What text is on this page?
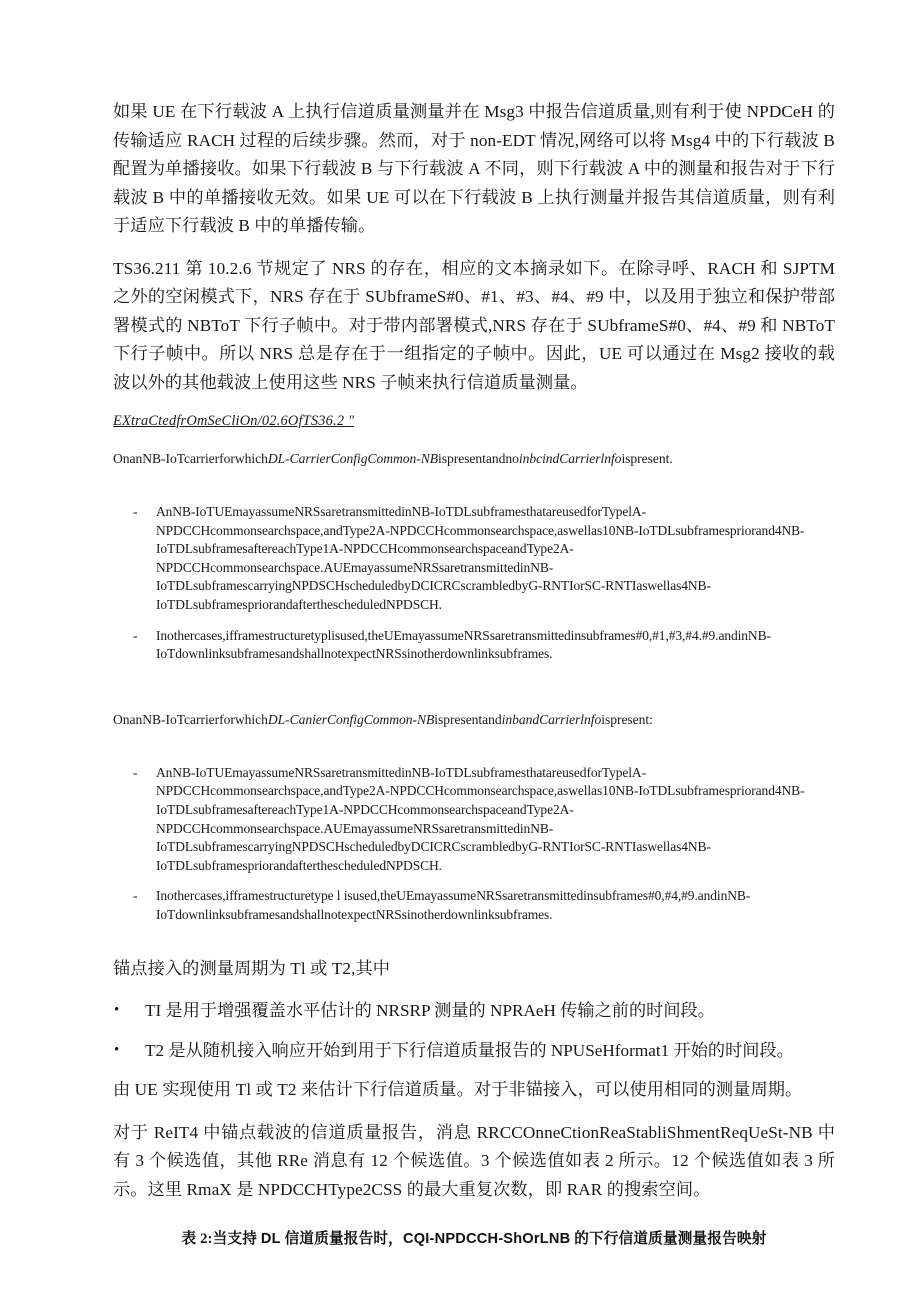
如果 UE 在下行载波 A 上执行信道质量测量并在 Msg3 中报告信道质量,则有利于使 NPDCeH 的传输适应 RACH 过程的后续步骤。然而，对于 non-EDT 情况,网络可以将 Msg4 中的下行载波 B 配置为单播接收。如果下行载波 B 与下行载波 A 不同，则下行载波 A 中的测量和报告对于下行载波 B 中的单播接收无效。如果 UE 可以在下行载波 B 上执行测量并报告其信道质量，则有利于适应下行载波 B 中的单播传输。

TS36.211 第 10.2.6 节规定了 NRS 的存在，相应的文本摘录如下。在除寻呼、RACH 和 SJPTM 之外的空闲模式下，NRS 存在于 SUbframeS#0、#1、#3、#4、#9 中，以及用于独立和保护带部署模式的 NBToT 下行子帧中。对于带内部署模式,NRS 存在于 SUbframeS#0、#4、#9 和 NBToT 下行子帧中。所以 NRS 总是存在于一组指定的子帧中。因此，UE 可以通过在 Msg2 接收的载波以外的其他载波上使用这些 NRS 子帧来执行信道质量测量。

EXtraCtedfrOmSeCliOn/02.6OfTS36.2 ʺ

OnanNB-IoTcarrierforwhichDL-CarrierConfigCommon-NBispresentandnoinbcindCarrierlnfoispresent.

- AnNB-IoTUEmayassumeNRSsaretransmittedinNB-IoTDLsubframesthatareusedforTypelA-NPDCCHcommonsearchspace,andType2A-NPDCCHcommonsearchspace,aswellas10NB-IoTDLsubframespriorand4NB-IoTDLsubframesaftereachType1A-NPDCCHcommonsearchspaceandType2A-NPDCCHcommonsearchspace.AUEmayassumeNRSsaretransmittedinNB-IoTDLsubframescarryingNPDSCHscheduledbyDCICRCscrambledbyG-RNTIorSC-RNTIaswellas4NB-IoTDLsubframespriorandafterthescheduledNPDSCH.
- Inothercases,ifframestructuretyplisused,theUEmayassumeNRSsaretransmittedinsubframes#0,#1,#3,#4.#9.andinNB-IoTdownlinksubframesandshallnotexpectNRSsinotherdownlinksubframes.

OnanNB-IoTcarrierforwhichDL-CanierConfigCommon-NBispresentandinbandCarrierlnfoispresent:

- AnNB-IoTUEmayassumeNRSsaretransmittedinNB-IoTDLsubframesthatareusedforTypelA-NPDCCHcommonsearchspace,andType2A-NPDCCHcommonsearchspace,aswellas10NB-IoTDLsubframespriorand4NB-IoTDLsubframesaftereachType1A-NPDCCHcommonsearchspaceandType2A-NPDCCHcommonsearchspace.AUEmayassumeNRSsaretransmittedinNB-IoTDLsubframescarryingNPDSCHscheduledbyDCICRCscrambledbyG-RNTIorSC-RNTIaswellas4NB-IoTDLsubframespriorandafterthescheduledNPDSCH.
- Inothercases,ifframestructuretype l isused,theUEmayassumeNRSsaretransmittedinsubframes#0,#4,#9.andinNB-IoTdownlinksubframesandshallnotexpectNRSsinotherdownlinksubframes.

锚点接入的测量周期为 Tl 或 T2,其中

• TI 是用于增强覆盖水平估计的 NRSRP 测量的 NPRAeH 传输之前的时间段。
• T2 是从随机接入响应开始到用于下行信道质量报告的 NPUSeHformat1 开始的时间段。

由 UE 实现使用 Tl 或 T2 来估计下行信道质量。对于非锚接入，可以使用相同的测量周期。

对于 ReIT4 中锚点载波的信道质量报告，消息 RRCCOnneCtionReaStabliShmentReqUeSt-NB 中有 3 个候选值，其他 RRe 消息有 12 个候选值。3 个候选值如表 2 所示。12 个候选值如表 3 所示。这里 RmaX 是 NPDCCHType2CSS 的最大重复次数，即 RAR 的搜索空间。

表 2:当支持 DL 信道质量报告时，CQI-NPDCCH-ShOrLNB 的下行信道质量测量报告映射
